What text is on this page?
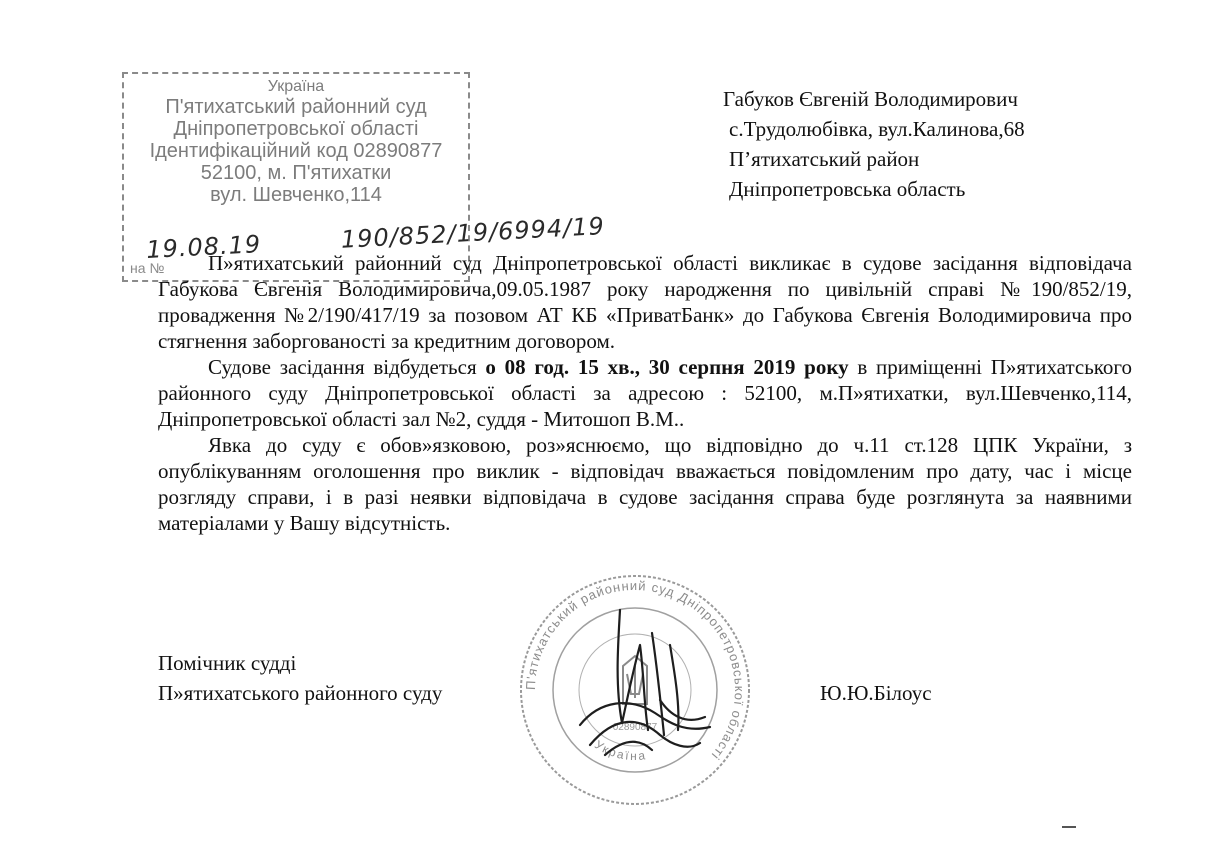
Україна
П'ятихатський районний суд
Дніпропетровської області
Ідентифікаційний код 02890877
52100, м. П'ятихатки
вул. Шевченко,114
19.08.19	190/852/19/6994/19
на №
Габуков Євгеній Володимирович
с.Трудолюбівка, вул.Калинова,68
П’ятихатський район
Дніпропетровська область

П»ятихатський районний суд Дніпропетровської області викликає в судове засідання відповідача Габукова Євгенія Володимировича,09.05.1987 року народження по цивільній справі №190/852/19, провадження №2/190/417/19 за позовом АТ КБ «ПриватБанк» до Габукова Євгенія Володимировича про стягнення заборгованості за кредитним договором.

Судове засідання відбудеться о 08 год. 15 хв., 30 серпня 2019 року в приміщенні П»ятихатського районного суду Дніпропетровської області за адресою : 52100, м.П»ятихатки, вул.Шевченко,114, Дніпропетровської області зал №2, суддя - Митошоп В.М..

Явка до суду є обов»язковою, роз»яснюємо, що відповідно до ч.11 ст.128 ЦПК України, з опублікуванням оголошення про виклик - відповідач вважається повідомленим про дату, час і місце розгляду справи, і в разі неявки відповідача в судове засідання справа буде розглянута за наявними матеріалами у Вашу відсутність.

П'ятихатський районний суд Дніпропетровської області
Україна
02890877
Помічник судді
П»ятихатського районного суду	Ю.Ю.Білоус
